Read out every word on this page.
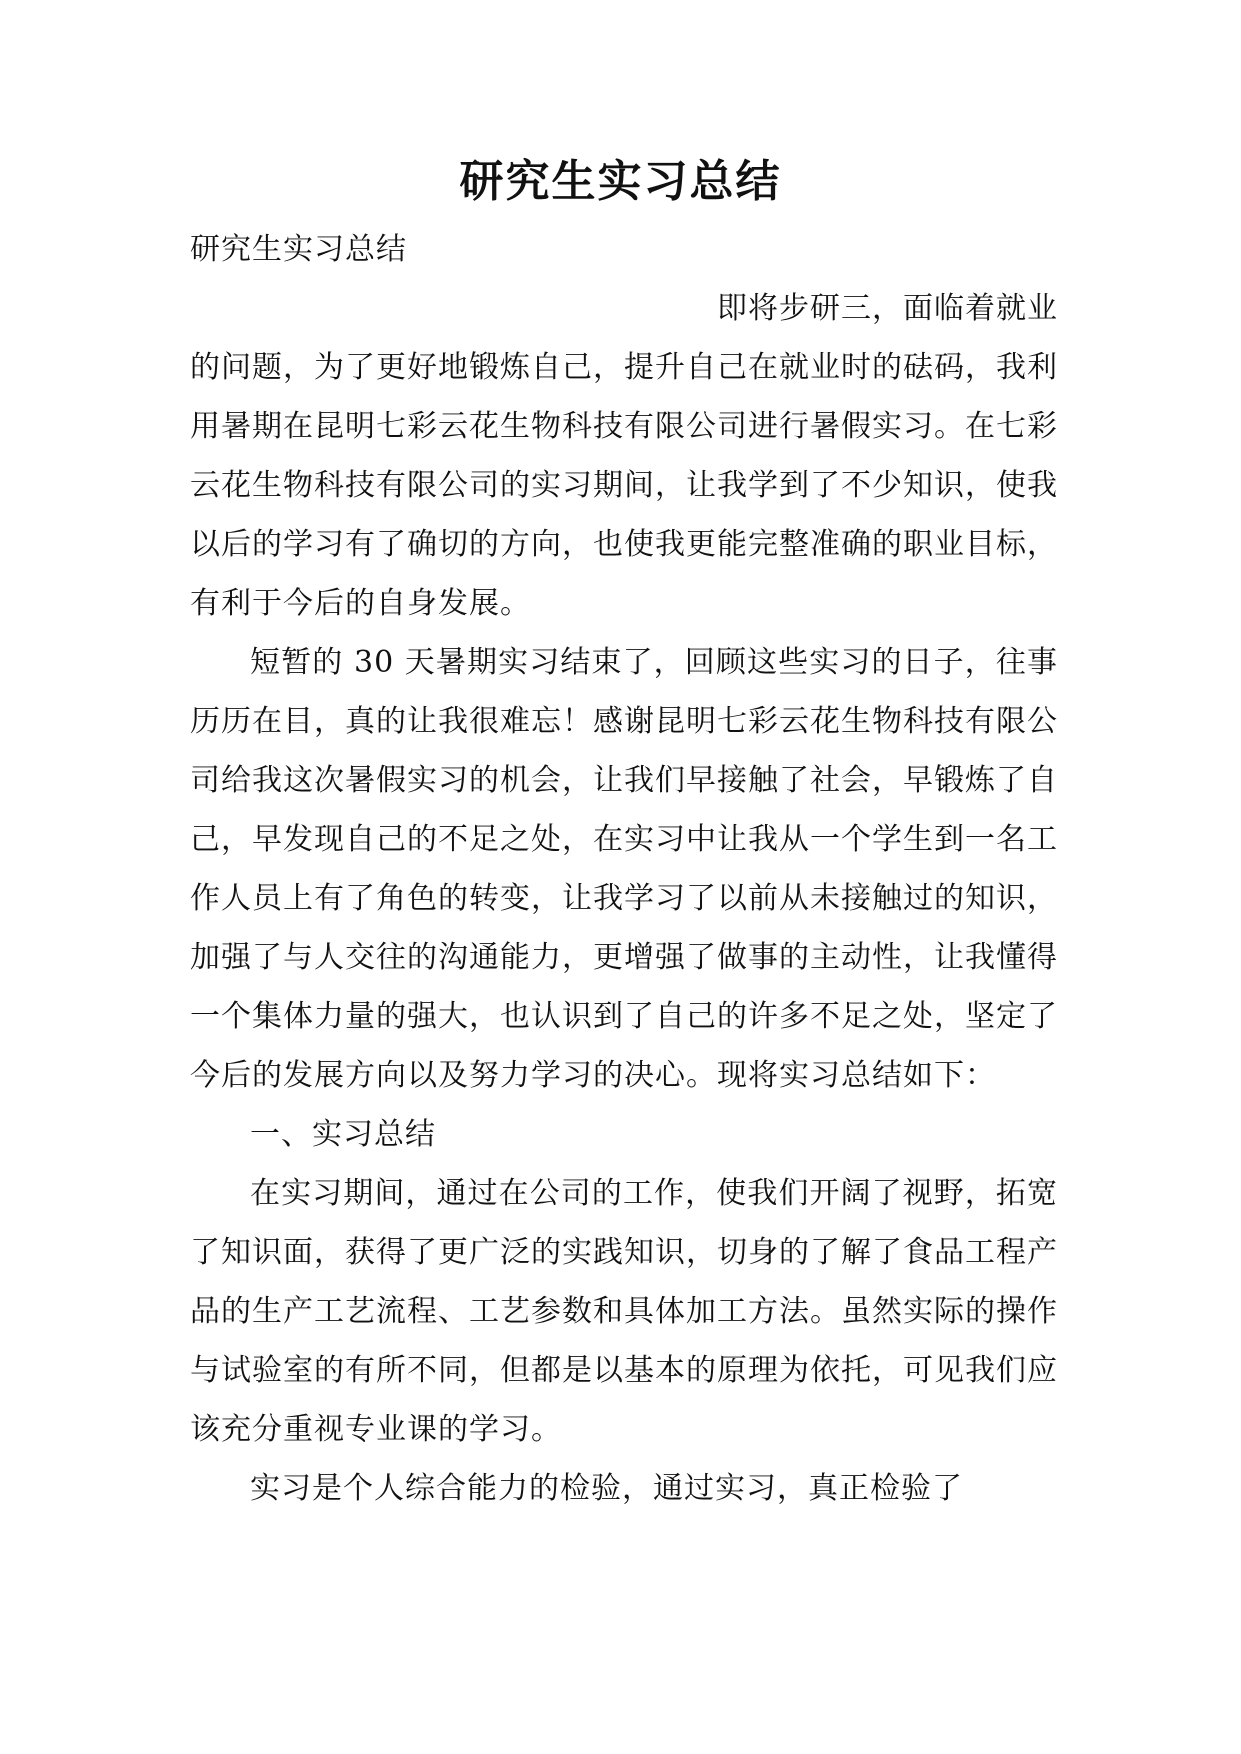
研究生实习总结

研究生实习总结

即将步研三，面临着就业
的问题，为了更好地锻炼自己，提升自己在就业时的砝码，我利用暑期在昆明七彩云花生物科技有限公司进行暑假实习。在七彩云花生物科技有限公司的实习期间，让我学到了不少知识，使我以后的学习有了确切的方向，也使我更能完整准确的职业目标，有利于今后的自身发展。

短暂的 30 天暑期实习结束了，回顾这些实习的日子，往事历历在目，真的让我很难忘！感谢昆明七彩云花生物科技有限公司给我这次暑假实习的机会，让我们早接触了社会，早锻炼了自己，早发现自己的不足之处，在实习中让我从一个学生到一名工作人员上有了角色的转变，让我学习了以前从未接触过的知识，加强了与人交往的沟通能力，更增强了做事的主动性，让我懂得一个集体力量的强大，也认识到了自己的许多不足之处，坚定了今后的发展方向以及努力学习的决心。现将实习总结如下：

一、实习总结

在实习期间，通过在公司的工作，使我们开阔了视野，拓宽了知识面，获得了更广泛的实践知识，切身的了解了食品工程产品的生产工艺流程、工艺参数和具体加工方法。虽然实际的操作与试验室的有所不同，但都是以基本的原理为依托，可见我们应该充分重视专业课的学习。

实习是个人综合能力的检验，通过实习，真正检验了
